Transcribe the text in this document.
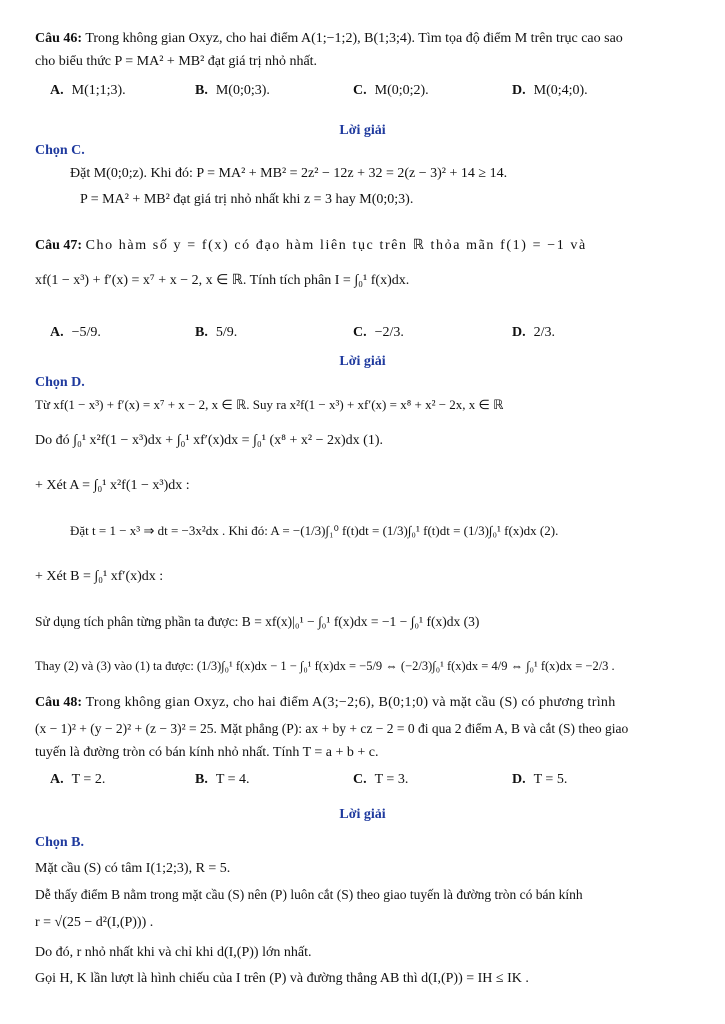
Câu 46: Trong không gian Oxyz, cho hai điểm A(1;−1;2), B(1;3;4). Tìm tọa độ điểm M trên trục cao sao
cho biểu thức P = MA² + MB² đạt giá trị nhỏ nhất.
A. M(1;1;3).	B. M(0;0;3).	C. M(0;0;2).	D. M(0;4;0).
Lời giải
Chọn C.
Đặt M(0;0;z). Khi đó: P = MA² + MB² = 2z² − 12z + 32 = 2(z − 3)² + 14 ≥ 14.
P = MA² + MB² đạt giá trị nhỏ nhất khi z = 3 hay M(0;0;3).
Câu 47: Cho hàm số y = f(x) có đạo hàm liên tục trên ℝ thỏa mãn f(1) = −1 và
xf(1 − x³) + f′(x) = x⁷ + x − 2, x ∈ ℝ. Tính tích phân I = ∫₀¹ f(x)dx.
A. −5/9.	B. 5/9.	C. −2/3.	D. 2/3.
Lời giải
Chọn D.
Từ xf(1 − x³) + f′(x) = x⁷ + x − 2, x ∈ ℝ. Suy ra x²f(1 − x³) + xf′(x) = x⁸ + x² − 2x, x ∈ ℝ
Do đó ∫₀¹ x²f(1 − x³)dx + ∫₀¹ xf′(x)dx = ∫₀¹ (x⁸ + x² − 2x)dx (1).
+ Xét A = ∫₀¹ x²f(1 − x³)dx :
Đặt t = 1 − x³ ⇒ dt = −3x²dx . Khi đó: A = −(1/3)∫₁⁰ f(t)dt = (1/3)∫₀¹ f(t)dt = (1/3)∫₀¹ f(x)dx (2).
+ Xét B = ∫₀¹ xf′(x)dx :
Sử dụng tích phân từng phần ta được: B = xf(x)|₀¹ − ∫₀¹ f(x)dx = −1 − ∫₀¹ f(x)dx (3)
Thay (2) và (3) vào (1) ta được: (1/3)∫₀¹ f(x)dx − 1 − ∫₀¹ f(x)dx = −5/9 ⇔ (−2/3)∫₀¹ f(x)dx = 4/9 ⇔ ∫₀¹ f(x)dx = −2/3 .
Câu 48: Trong không gian Oxyz, cho hai điểm A(3;−2;6), B(0;1;0) và mặt cầu (S) có phương trình
(x − 1)² + (y − 2)² + (z − 3)² = 25. Mặt phẳng (P): ax + by + cz − 2 = 0 đi qua 2 điểm A, B và cắt (S) theo giao
tuyến là đường tròn có bán kính nhỏ nhất. Tính T = a + b + c.
A. T = 2.	B. T = 4.	C. T = 3.	D. T = 5.
Lời giải
Chọn B.
Mặt cầu (S) có tâm I(1;2;3), R = 5.
Dễ thấy điểm B nằm trong mặt cầu (S) nên (P) luôn cắt (S) theo giao tuyến là đường tròn có bán kính
r = √(25 − d²(I,(P))) .
Do đó, r nhỏ nhất khi và chỉ khi d(I,(P)) lớn nhất.
Gọi H, K lần lượt là hình chiếu của I trên (P) và đường thẳng AB thì d(I,(P)) = IH ≤ IK .
